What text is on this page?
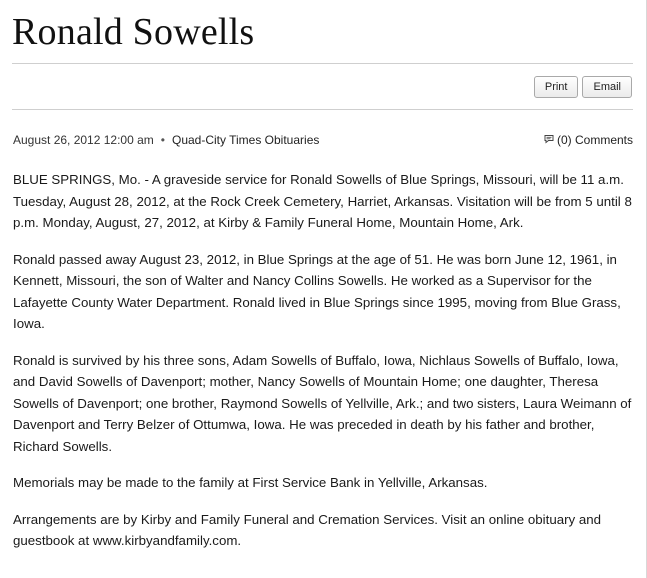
Ronald Sowells
Print	Email
August 26, 2012 12:00 am • Quad-City Times Obituaries	(0) Comments

BLUE SPRINGS, Mo. - A graveside service for Ronald Sowells of Blue Springs, Missouri, will be 11 a.m. Tuesday, August 28, 2012, at the Rock Creek Cemetery, Harriet, Arkansas. Visitation will be from 5 until 8 p.m. Monday, August, 27, 2012, at Kirby & Family Funeral Home, Mountain Home, Ark.

Ronald passed away August 23, 2012, in Blue Springs at the age of 51. He was born June 12, 1961, in Kennett, Missouri, the son of Walter and Nancy Collins Sowells. He worked as a Supervisor for the Lafayette County Water Department. Ronald lived in Blue Springs since 1995, moving from Blue Grass, Iowa.

Ronald is survived by his three sons, Adam Sowells of Buffalo, Iowa, Nichlaus Sowells of Buffalo, Iowa, and David Sowells of Davenport; mother, Nancy Sowells of Mountain Home; one daughter, Theresa Sowells of Davenport; one brother, Raymond Sowells of Yellville, Ark.; and two sisters, Laura Weimann of Davenport and Terry Belzer of Ottumwa, Iowa. He was preceded in death by his father and brother, Richard Sowells.

Memorials may be made to the family at First Service Bank in Yellville, Arkansas.

Arrangements are by Kirby and Family Funeral and Cremation Services. Visit an online obituary and guestbook at www.kirbyandfamily.com.
